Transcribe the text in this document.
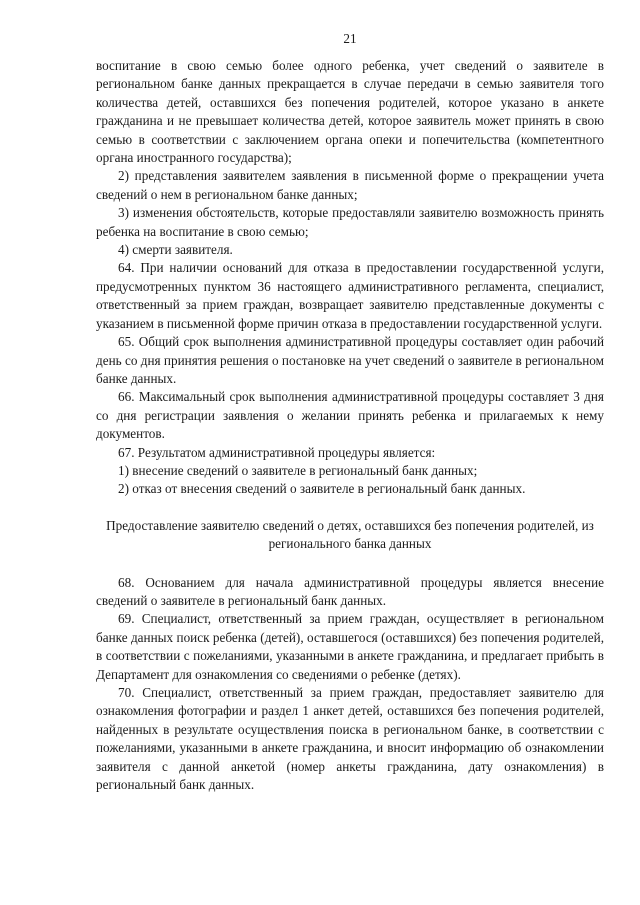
21

воспитание в свою семью более одного ребенка, учет сведений о заявителе в региональном банке данных прекращается в случае передачи в семью заявителя того количества детей, оставшихся без попечения родителей, которое указано в анкете гражданина и не превышает количества детей, которое заявитель может принять в свою семью в соответствии с заключением органа опеки и попечительства (компетентного органа иностранного государства);

2) представления заявителем заявления в письменной форме о прекращении учета сведений о нем в региональном банке данных;

3) изменения обстоятельств, которые предоставляли заявителю возможность принять ребенка на воспитание в свою семью;

4) смерти заявителя.

64. При наличии оснований для отказа в предоставлении государственной услуги, предусмотренных пунктом 36 настоящего административного регламента, специалист, ответственный за прием граждан, возвращает заявителю представленные документы с указанием в письменной форме причин отказа в предоставлении государственной услуги.

65. Общий срок выполнения административной процедуры составляет один рабочий день со дня принятия решения о постановке на учет сведений о заявителе в региональном банке данных.

66. Максимальный срок выполнения административной процедуры составляет 3 дня со дня регистрации заявления о желании принять ребенка и прилагаемых к нему документов.

67. Результатом административной процедуры является:

1) внесение сведений о заявителе в региональный банк данных;

2) отказ от внесения сведений о заявителе в региональный банк данных.

Предоставление заявителю сведений о детях, оставшихся без попечения родителей, из регионального банка данных

68. Основанием для начала административной процедуры является внесение сведений о заявителе в региональный банк данных.

69. Специалист, ответственный за прием граждан, осуществляет в региональном банке данных поиск ребенка (детей), оставшегося (оставшихся) без попечения родителей, в соответствии с пожеланиями, указанными в анкете гражданина, и предлагает прибыть в Департамент для ознакомления со сведениями о ребенке (детях).

70. Специалист, ответственный за прием граждан, предоставляет заявителю для ознакомления фотографии и раздел 1 анкет детей, оставшихся без попечения родителей, найденных в результате осуществления поиска в региональном банке, в соответствии с пожеланиями, указанными в анкете гражданина, и вносит информацию об ознакомлении заявителя с данной анкетой (номер анкеты гражданина, дату ознакомления) в региональный банк данных.
